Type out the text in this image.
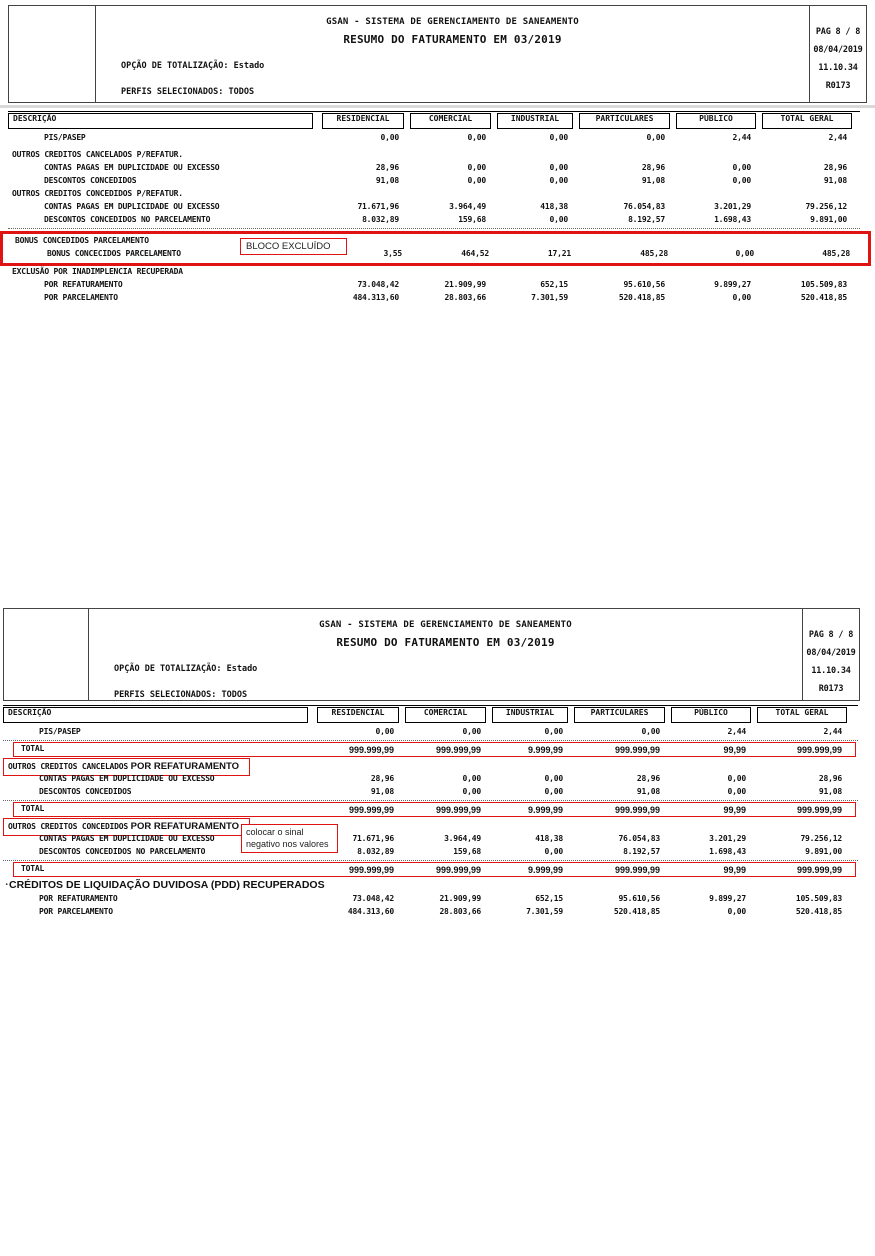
GSAN - SISTEMA DE GERENCIAMENTO DE SANEAMENTO
RESUMO DO FATURAMENTO EM 03/2019
OPÇÃO DE TOTALIZAÇÃO: Estado
PERFIS SELECIONADOS: TODOS
PAG 8 / 8
08/04/2019
11.10.34
R0173
DESCRIÇÃO	RESIDENCIAL	COMERCIAL	INDUSTRIAL	PARTICULARES	PÚBLICO	TOTAL GERAL
PIS/PASEP	0,00	0,00	0,00	0,00	2,44	2,44
OUTROS CREDITOS CANCELADOS P/REFATUR.
CONTAS PAGAS EM DUPLICIDADE OU EXCESSO	28,96	0,00	0,00	28,96	0,00	28,96
DESCONTOS CONCEDIDOS	91,08	0,00	0,00	91,08	0,00	91,08
OUTROS CREDITOS CONCEDIDOS P/REFATUR.
CONTAS PAGAS EM DUPLICIDADE OU EXCESSO	71.671,96	3.964,49	418,38	76.054,83	3.201,29	79.256,12
DESCONTOS CONCEDIDOS NO PARCELAMENTO	8.032,89	159,68	0,00	8.192,57	1.698,43	9.891,00
BONUS CONCEDIDOS PARCELAMENTO
BONUS CONCECIDOS PARCELAMENTO	3,55	464,52	17,21	485,28	0,00	485,28
BLOCO EXCLUÍDO
EXCLUSÃO POR INADIMPLENCIA RECUPERADA
POR REFATURAMENTO	73.048,42	21.909,99	652,15	95.610,56	9.899,27	105.509,83
POR PARCELAMENTO	484.313,60	28.803,66	7.301,59	520.418,85	0,00	520.418,85
GSAN - SISTEMA DE GERENCIAMENTO DE SANEAMENTO
RESUMO DO FATURAMENTO EM 03/2019
OPÇÃO DE TOTALIZAÇÃO: Estado
PERFIS SELECIONADOS: TODOS
PAG 8 / 8
08/04/2019
11.10.34
R0173
colocar o sinal
negativo nos valores
DESCRIÇÃO	RESIDENCIAL	COMERCIAL	INDUSTRIAL	PARTICULARES	PÚBLICO	TOTAL GERAL
PIS/PASEP	0,00	0,00	0,00	0,00	2,44	2,44
TOTAL	999.999,99	999.999,99	9.999,99	999.999,99	99,99	999.999,99
OUTROS CREDITOS CANCELADOS POR REFATURAMENTO
CONTAS PAGAS EM DUPLICIDADE OU EXCESSO	28,96	0,00	0,00	28,96	0,00	28,96
DESCONTOS CONCEDIDOS	91,08	0,00	0,00	91,08	0,00	91,08
TOTAL	999.999,99	999.999,99	9.999,99	999.999,99	99,99	999.999,99
OUTROS CREDITOS CONCEDIDOS POR REFATURAMENTO
CONTAS PAGAS EM DUPLICIDADE OU EXCESSO	71.671,96	3.964,49	418,38	76.054,83	3.201,29	79.256,12
DESCONTOS CONCEDIDOS NO PARCELAMENTO	8.032,89	159,68	0,00	8.192,57	1.698,43	9.891,00
TOTAL	999.999,99	999.999,99	9.999,99	999.999,99	99,99	999.999,99
CRÉDITOS DE LIQUIDAÇÃO DUVIDOSA (PDD) RECUPERADOS
POR REFATURAMENTO	73.048,42	21.909,99	652,15	95.610,56	9.899,27	105.509,83
POR PARCELAMENTO	484.313,60	28.803,66	7.301,59	520.418,85	0,00	520.418,85
.
